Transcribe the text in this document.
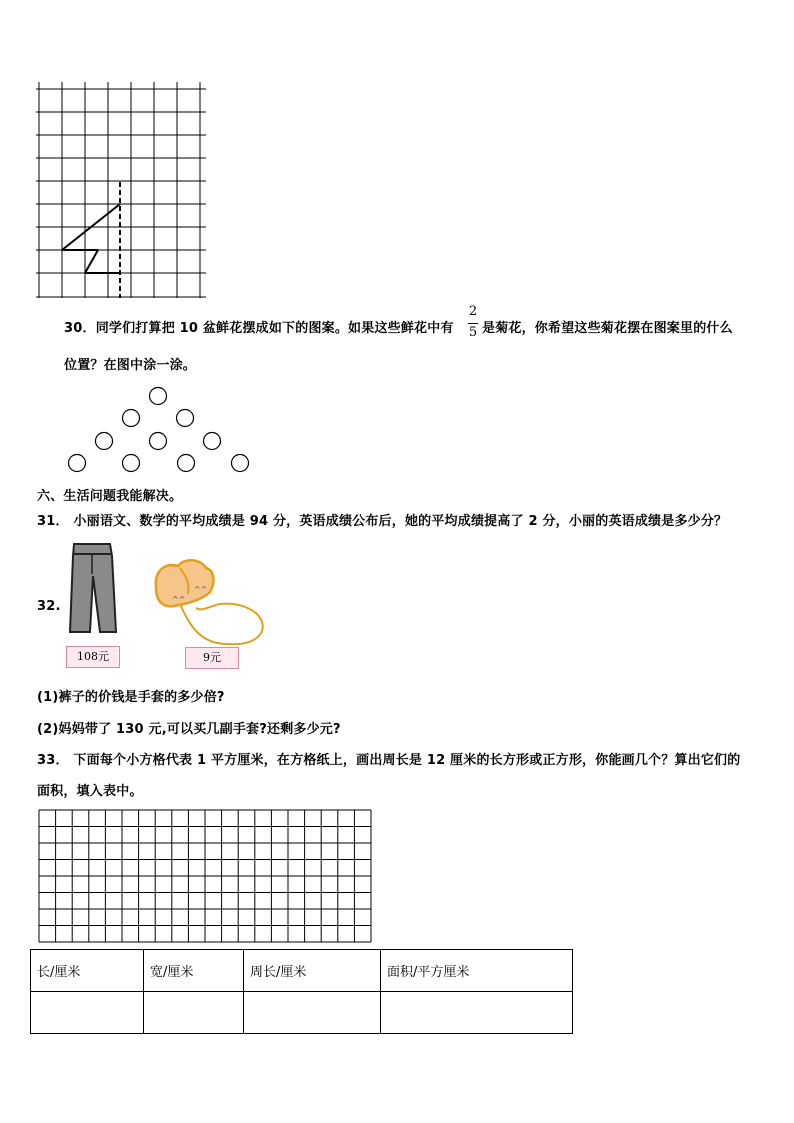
30．同学们打算把 10 盆鲜花摆成如下的图案。如果这些鲜花中有
2
5 是菊花，你希望这些菊花摆在图案里的什么
位置？在图中涂一涂。
六、生活问题我能解决。
31． 小丽语文、数学的平均成绩是 94 分，英语成绩公布后，她的平均成绩提高了 2 分，小丽的英语成绩是多少分？
32.
108元
^^
^^
9元
(1)裤子的价钱是手套的多少倍?
(2)妈妈带了 130 元,可以买几副手套?还剩多少元?
33． 下面每个小方格代表 1 平方厘米，在方格纸上，画出周长是 12 厘米的长方形或正方形，你能画几个？算出它们的
面积，填入表中。
长/厘米	宽/厘米	周长/厘米	面积/平方厘米
